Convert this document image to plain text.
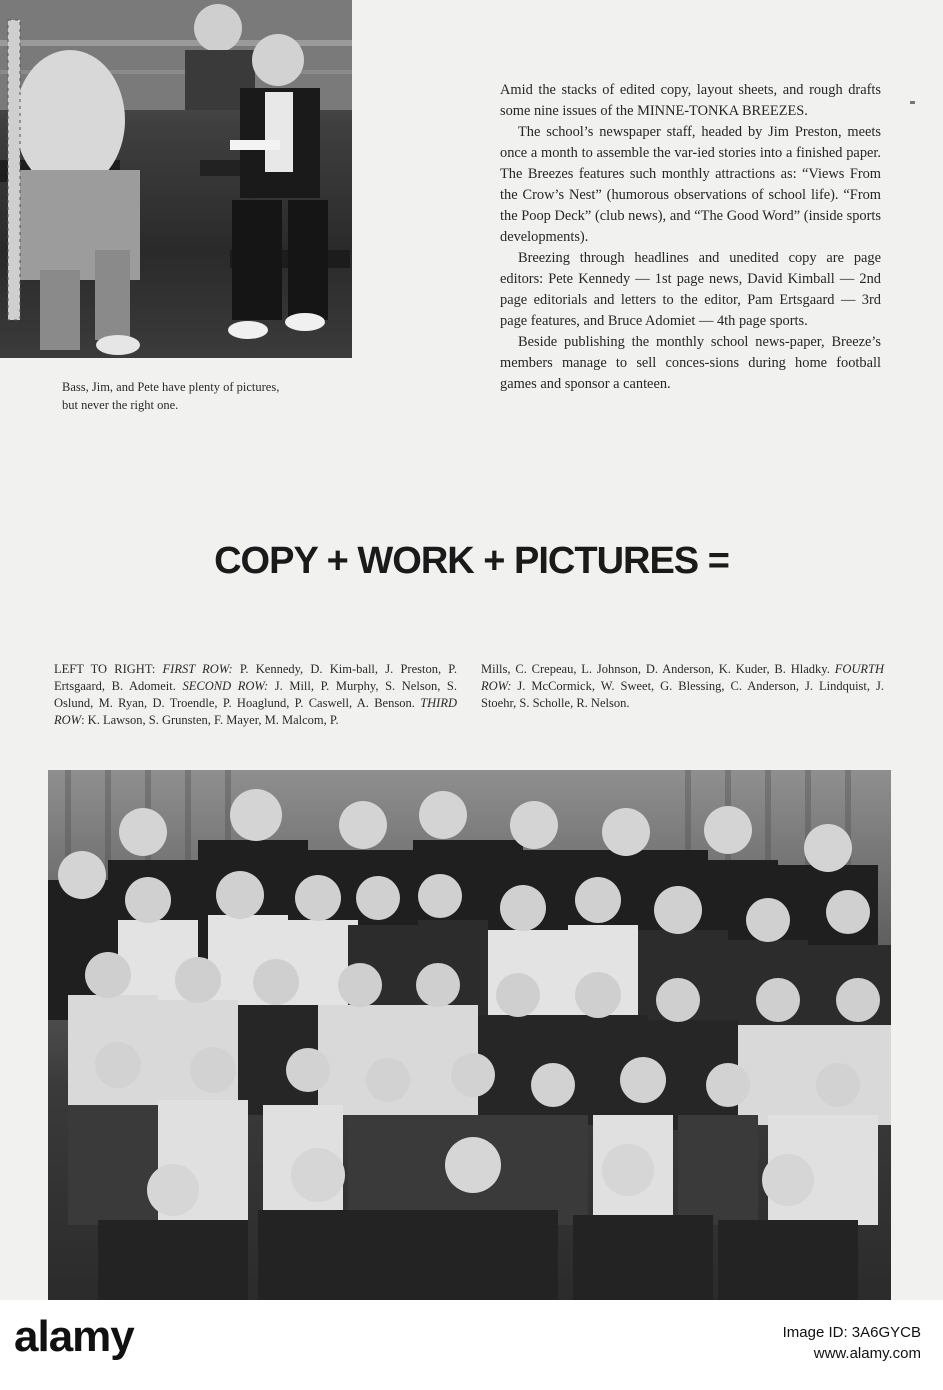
Bass, Jim, and Pete have plenty of pictures,
but never the right one.

Amid the stacks of edited copy, layout sheets, and rough drafts some nine issues of the MINNE-TONKA BREEZES.

The school’s newspaper staff, headed by Jim Preston, meets once a month to assemble the var-ied stories into a finished paper. The Breezes features such monthly attractions as: “Views From the Crow’s Nest” (humorous observations of school life). “From the Poop Deck” (club news), and “The Good Word” (inside sports developments).

Breezing through headlines and unedited copy are page editors: Pete Kennedy — 1st page news, David Kimball — 2nd page editorials and letters to the editor, Pam Ertsgaard — 3rd page features, and Bruce Adomiet — 4th page sports.

Beside publishing the monthly school news-paper, Breeze’s members manage to sell conces-sions during home football games and sponsor a canteen.

COPY + WORK + PICTURES =
LEFT TO RIGHT: FIRST ROW: P. Kennedy, D. Kim-ball, J. Preston, P. Ertsgaard, B. Adomeit. SECOND ROW: J. Mill, P. Murphy, S. Nelson, S. Oslund, M. Ryan, D. Troendle, P. Hoaglund, P. Caswell, A. Benson. THIRD ROW: K. Lawson, S. Grunsten, F. Mayer, M. Malcom, P.
Mills, C. Crepeau, L. Johnson, D. Anderson, K. Kuder, B. Hladky. FOURTH ROW: J. McCormick, W. Sweet, G. Blessing, C. Anderson, J. Lindquist, J. Stoehr, S. Scholle, R. Nelson.
alamy	Image ID: 3A6GYCB
www.alamy.com
